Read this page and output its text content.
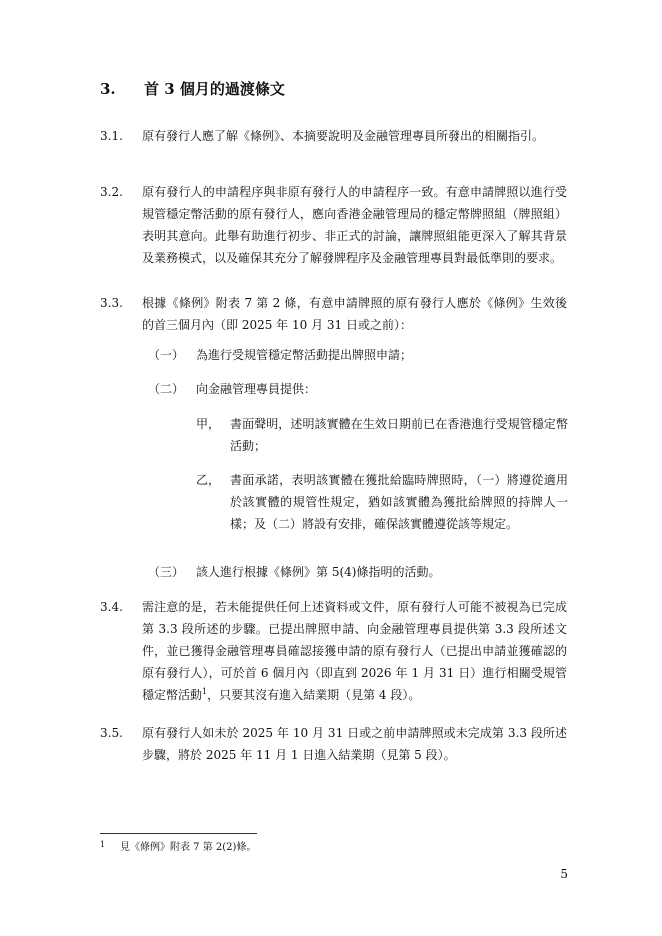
3. 首 3 個月的過渡條文
3.1. 原有發行人應了解《條例》、本摘要說明及金融管理專員所發出的相關指引。
3.2. 原有發行人的申請程序與非原有發行人的申請程序一致。有意申請牌照以進行受規管穩定幣活動的原有發行人，應向香港金融管理局的穩定幣牌照組（牌照組）表明其意向。此舉有助進行初步、非正式的討論，讓牌照組能更深入了解其背景及業務模式，以及確保其充分了解發牌程序及金融管理專員對最低準則的要求。
3.3. 根據《條例》附表 7 第 2 條，有意申請牌照的原有發行人應於《條例》生效後的首三個月內（即 2025 年 10 月 31 日或之前）：
（一） 為進行受規管穩定幣活動提出牌照申請；
（二） 向金融管理專員提供：
甲， 書面聲明，述明該實體在生效日期前已在香港進行受規管穩定幣活動；
乙， 書面承諾，表明該實體在獲批給臨時牌照時，（一）將遵從適用於該實體的規管性規定，猶如該實體為獲批給牌照的持牌人一樣；及（二）將設有安排，確保該實體遵從該等規定。
（三） 該人進行根據《條例》第 5(4)條指明的活動。
3.4. 需注意的是，若未能提供任何上述資料或文件，原有發行人可能不被視為已完成第 3.3 段所述的步驟。已提出牌照申請、向金融管理專員提供第 3.3 段所述文件，並已獲得金融管理專員確認接獲申請的原有發行人（已提出申請並獲確認的原有發行人），可於首 6 個月內（即直到 2026 年 1 月 31 日）進行相關受規管穩定幣活動$^1$，只要其沒有進入結業期（見第 4 段）。
3.5. 原有發行人如未於 2025 年 10 月 31 日或之前申請牌照或未完成第 3.3 段所述步驟，將於 2025 年 11 月 1 日進入結業期（見第 5 段）。
1 見《條例》附表 7 第 2(2)條。
5
